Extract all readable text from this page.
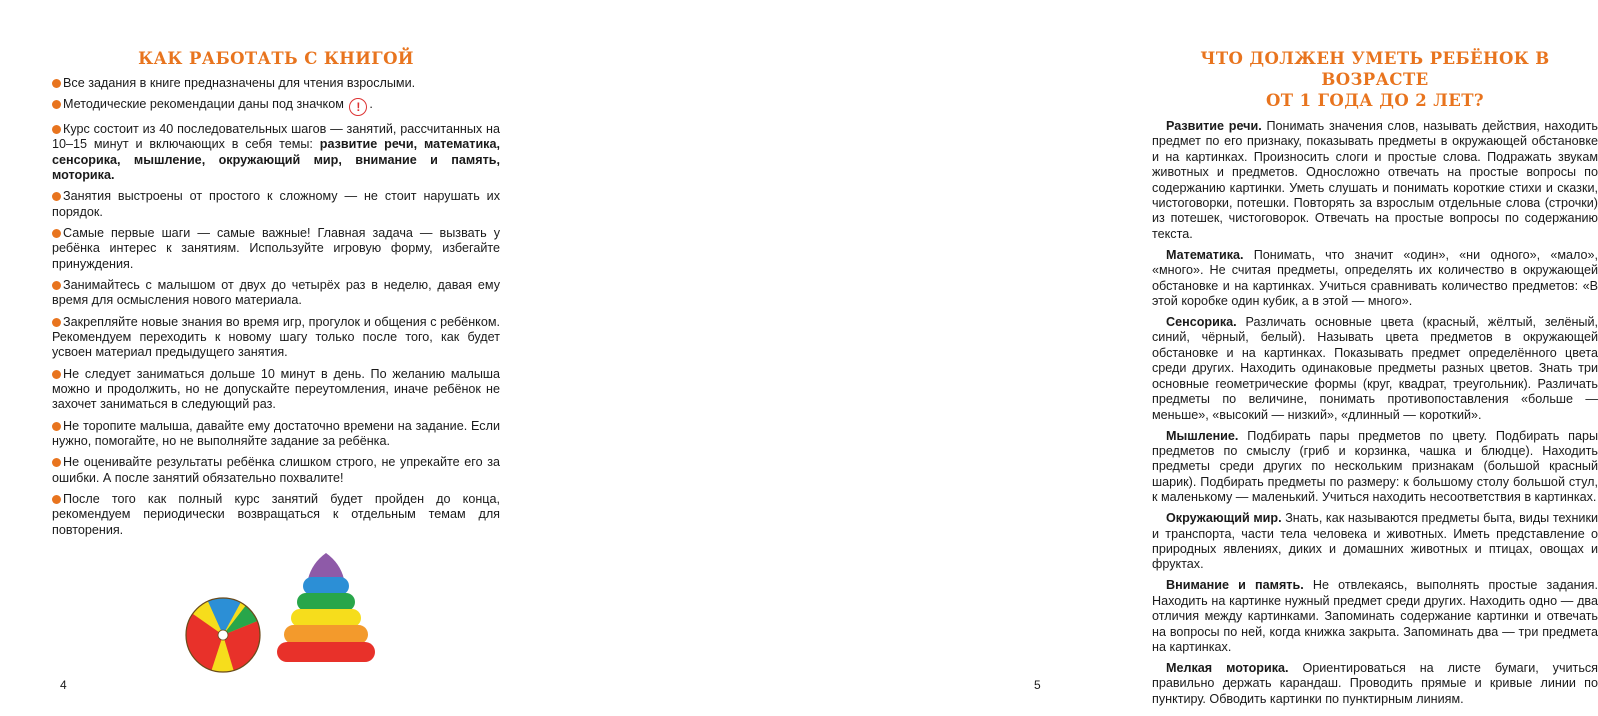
КАК РАБОТАТЬ С КНИГОЙ
Все задания в книге предназначены для чтения взрослыми.
Методические рекомендации даны под значком ! .
Курс состоит из 40 последовательных шагов — занятий, рассчитанных на 10–15 минут и включающих в себя темы: развитие речи, математика, сенсорика, мышление, окружающий мир, внимание и память, моторика.
Занятия выстроены от простого к сложному — не стоит нарушать их порядок.
Самые первые шаги — самые важные! Главная задача — вызвать у ребёнка интерес к занятиям. Используйте игровую форму, избегайте принуждения.
Занимайтесь с малышом от двух до четырёх раз в неделю, давая ему время для осмысления нового материала.
Закрепляйте новые знания во время игр, прогулок и общения с ребёнком. Рекомендуем переходить к новому шагу только после того, как будет усвоен материал предыдущего занятия.
Не следует заниматься дольше 10 минут в день. По желанию малыша можно и продолжить, но не допускайте переутомления, иначе ребёнок не захочет заниматься в следующий раз.
Не торопите малыша, давайте ему достаточно времени на задание. Если нужно, помогайте, но не выполняйте задание за ребёнка.
Не оценивайте результаты ребёнка слишком строго, не упрекайте его за ошибки. А после занятий обязательно похвалите!
После того как полный курс занятий будет пройден до конца, рекомендуем периодически возвращаться к отдельным темам для повторения.
4
ЧТО ДОЛЖЕН УМЕТЬ РЕБЁНОК В ВОЗРАСТЕ
ОТ 1 ГОДА ДО 2 ЛЕТ?

Развитие речи. Понимать значения слов, называть действия, находить предмет по его признаку, показывать предметы в окружающей обстановке и на картинках. Произносить слоги и простые слова. Подражать звукам животных и предметов. Односложно отвечать на простые вопросы по содержанию картинки. Уметь слушать и понимать короткие стихи и сказки, чистоговорки, потешки. Повторять за взрослым отдельные слова (строчки) из потешек, чистоговорок. Отвечать на простые вопросы по содержанию текста.

Математика. Понимать, что значит «один», «ни одного», «мало», «много». Не считая предметы, определять их количество в окружающей обстановке и на картинках. Учиться сравнивать количество предметов: «В этой коробке один кубик, а в этой — много».

Сенсорика. Различать основные цвета (красный, жёлтый, зелёный, синий, чёрный, белый). Называть цвета предметов в окружающей обстановке и на картинках. Показывать предмет определённого цвета среди других. Находить одинаковые предметы разных цветов. Знать три основные геометрические формы (круг, квадрат, треугольник). Различать предметы по величине, понимать противопоставления «больше — меньше», «высокий — низкий», «длинный — короткий».

Мышление. Подбирать пары предметов по цвету. Подбирать пары предметов по смыслу (гриб и корзинка, чашка и блюдце). Находить предметы среди других по нескольким признакам (большой красный шарик). Подбирать предметы по размеру: к большому столу большой стул, к маленькому — маленький. Учиться находить несоответствия в картинках.

Окружающий мир. Знать, как называются предметы быта, виды техники и транспорта, части тела человека и животных. Иметь представление о природных явлениях, диких и домашних животных и птицах, овощах и фруктах.

Внимание и память. Не отвлекаясь, выполнять простые задания. Находить на картинке нужный предмет среди других. Находить одно — два отличия между картинками. Запоминать содержание картинки и отвечать на вопросы по ней, когда книжка закрыта. Запоминать два — три предмета на картинках.

Мелкая моторика. Ориентироваться на листе бумаги, учиться правильно держать карандаш. Проводить прямые и кривые линии по пунктиру. Обводить картинки по пунктирным линиям.

5
